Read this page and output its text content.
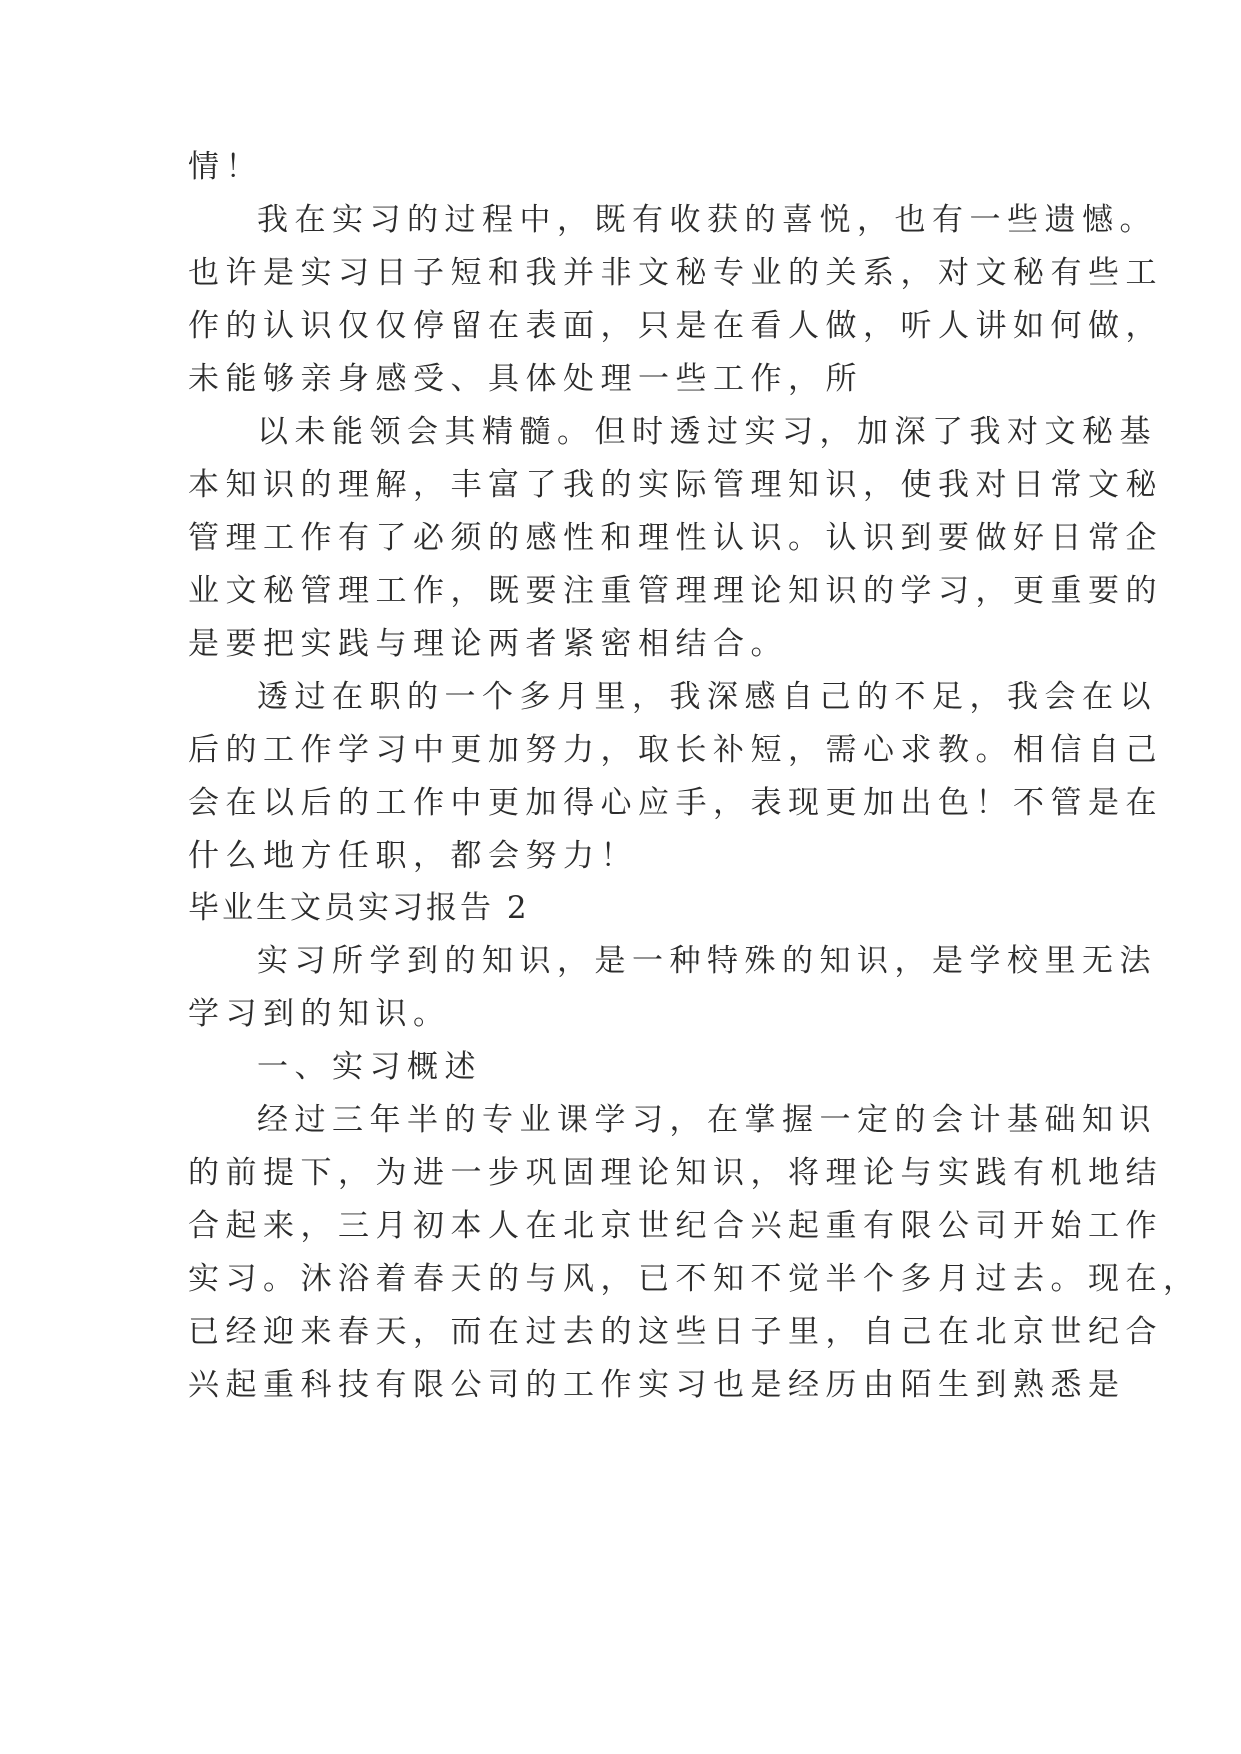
情！
我在实习的过程中，既有收获的喜悦，也有一些遗憾。
也许是实习日子短和我并非文秘专业的关系，对文秘有些工
作的认识仅仅停留在表面，只是在看人做，听人讲如何做，
未能够亲身感受、具体处理一些工作，所
以未能领会其精髓。但时透过实习，加深了我对文秘基
本知识的理解，丰富了我的实际管理知识，使我对日常文秘
管理工作有了必须的感性和理性认识。认识到要做好日常企
业文秘管理工作，既要注重管理理论知识的学习，更重要的
是要把实践与理论两者紧密相结合。
透过在职的一个多月里，我深感自己的不足，我会在以
后的工作学习中更加努力，取长补短，需心求教。相信自己
会在以后的工作中更加得心应手，表现更加出色！不管是在
什么地方任职，都会努力！
毕业生文员实习报告 2
实习所学到的知识，是一种特殊的知识，是学校里无法
学习到的知识。
一、实习概述
经过三年半的专业课学习，在掌握一定的会计基础知识
的前提下，为进一步巩固理论知识，将理论与实践有机地结
合起来，三月初本人在北京世纪合兴起重有限公司开始工作
实习。沐浴着春天的与风，已不知不觉半个多月过去。现在，
已经迎来春天，而在过去的这些日子里，自己在北京世纪合
兴起重科技有限公司的工作实习也是经历由陌生到熟悉是
